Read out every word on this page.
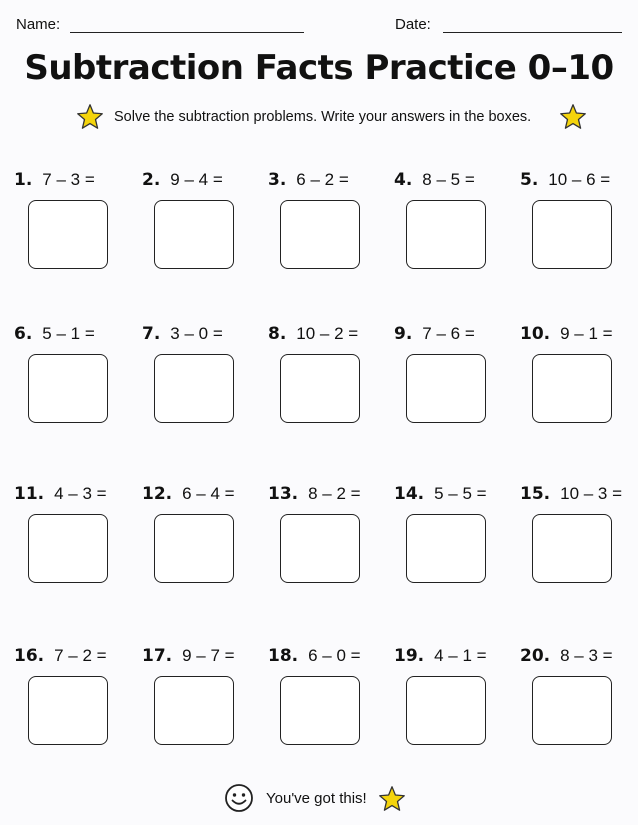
Name:	Date:
Subtraction Facts Practice 0–10
Solve the subtraction problems. Write your answers in the boxes.
1. 7 – 3 =	2. 9 – 4 =	3. 6 – 2 =	4. 8 – 5 =	5. 10 – 6 =
6. 5 – 1 =	7. 3 – 0 =	8. 10 – 2 = 9. 7 – 6 =	10. 9 – 1 =
11. 4 – 3 = 12. 6 – 4 = 13. 8 – 2 = 14. 5 – 5 = 15. 10 – 3 =
16. 7 – 2 = 17. 9 – 7 = 18. 6 – 0 = 19. 4 – 1 = 20. 8 – 3 =
You've got this!
